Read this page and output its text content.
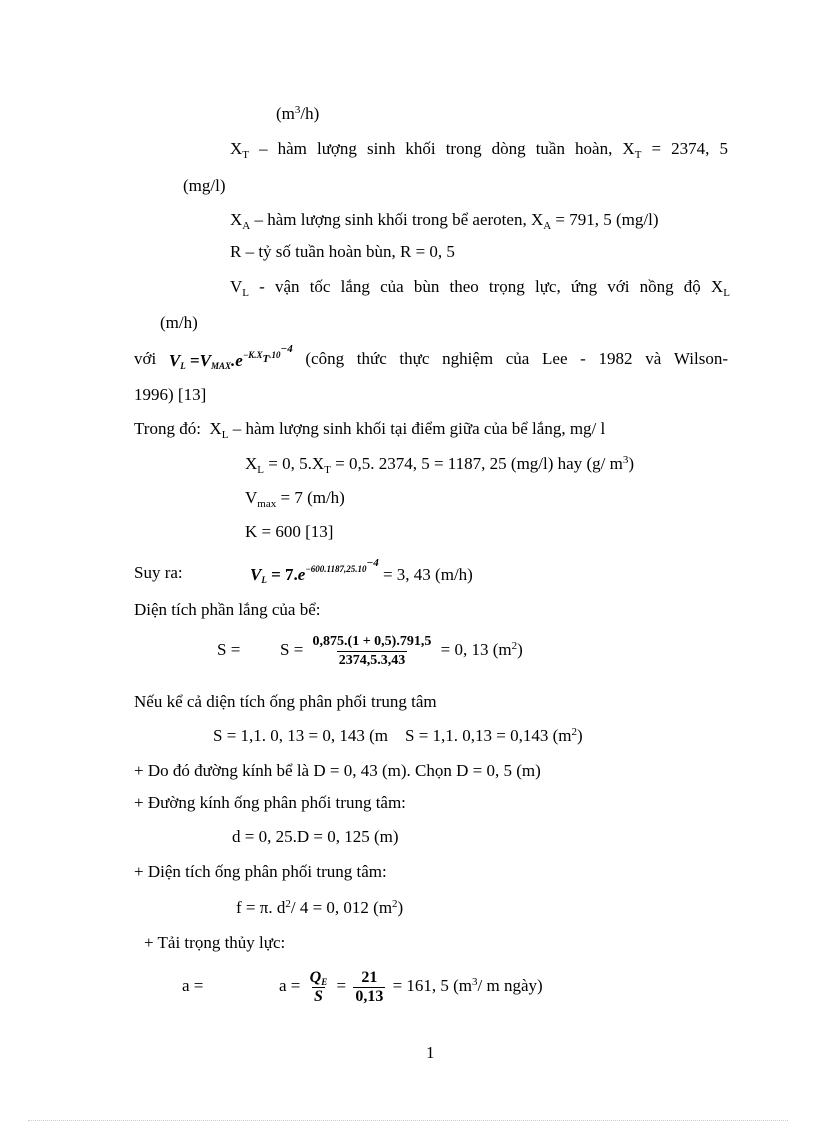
$(m^3/h)$
$X_T$ – hàm lượng sinh khối trong dòng tuần hoàn, $X_T = 2374$, 5
(mg/l)
$X_A$ – hàm lượng sinh khối trong bể aeroten, $X_A = 791$, 5 (mg/l)
R – tỷ số tuần hoàn bùn, R = 0, 5
$V_L$ - vận tốc lắng của bùn theo trọng lực, ứng với nồng độ $X_L$
(m/h)
với VL $=VMAX.e^{-K.X_T.10^{-4}}$ (công thức thực nghiệm của Lee - 1982 và Wilson-
1996) [13]
Trong đó:  $X_L$ – hàm lượng sinh khối tại điểm giữa của bể lắng, mg/ l
$X_L = 0$, $5.X_T = 0,5$. 2374, 5 = 1187, 25 (mg/l) hay (g/ $m^3$)
$V_{max} = 7$ (m/h)
K = 600 [13]
Suy ra:	VL = $7.e^{-600.1187,25.10^{-4}} = 3$, 43 (m/h)
Diện tích phần lắng của bể:
$S = S = \frac{0,875.(1 + 0,5).791,5}{2374,5.3,43} = 0$, 13 $(m^2)$
Nếu kể cả diện tích ống phân phối trung tâm
S = 1,1. 0, 13 = 0, 143 (m    S = 1,1. 0,13 = 0,143 $(m^2)$
+ Do đó đường kính bể là D = 0, 43 (m). Chọn D = 0, 5 (m)
+ Đường kính ống phân phối trung tâm:
d = 0, 25.D = 0, 125 (m)
+ Diện tích ống phân phối trung tâm:
f = π. $d^2/$ 4 = 0, 012 $(m^2)$
+ Tải trọng thủy lực:
a =	$a = \frac{QE}{S} = \frac{21}{0,13} = 161$, 5 ($m^3/$ m ngày)
1
